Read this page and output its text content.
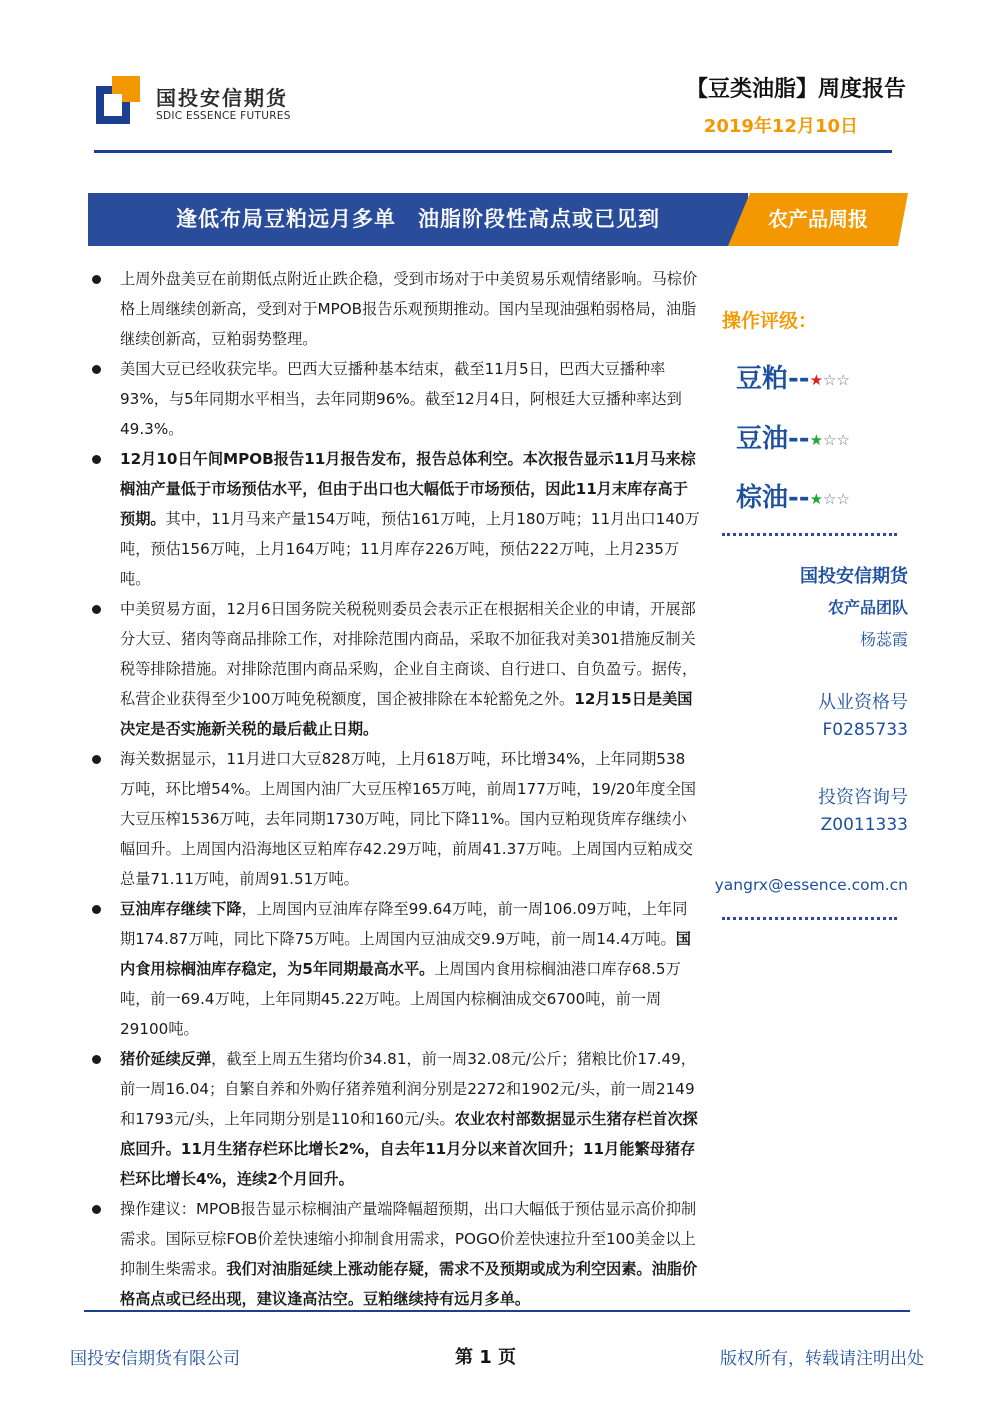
国投安信期货
SDIC ESSENCE FUTURES
【豆类油脂】周度报告
2019年12月10日
逢低布局豆粕远月多单　油脂阶段性高点或已见到	农产品周报
上周外盘美豆在前期低点附近止跌企稳，受到市场对于中美贸易乐观情绪影响。马棕价格上周继续创新高，受到对于MPOB报告乐观预期推动。国内呈现油强粕弱格局，油脂继续创新高，豆粕弱势整理。
美国大豆已经收获完毕。巴西大豆播种基本结束，截至11月5日，巴西大豆播种率93%，与5年同期水平相当，去年同期96%。截至12月4日，阿根廷大豆播种率达到49.3%。
12月10日午间MPOB报告11月报告发布，报告总体利空。本次报告显示11月马来棕榈油产量低于市场预估水平，但由于出口也大幅低于市场预估，因此11月末库存高于预期。其中，11月马来产量154万吨，预估161万吨，上月180万吨；11月出口140万吨，预估156万吨，上月164万吨；11月库存226万吨，预估222万吨，上月235万吨。
中美贸易方面，12月6日国务院关税税则委员会表示正在根据相关企业的申请，开展部分大豆、猪肉等商品排除工作，对排除范围内商品，采取不加征我对美301措施反制关税等排除措施。对排除范围内商品采购，企业自主商谈、自行进口、自负盈亏。据传，私营企业获得至少100万吨免税额度，国企被排除在本轮豁免之外。12月15日是美国决定是否实施新关税的最后截止日期。
海关数据显示，11月进口大豆828万吨，上月618万吨，环比增34%，上年同期538万吨，环比增54%。上周国内油厂大豆压榨165万吨，前周177万吨，19/20年度全国大豆压榨1536万吨，去年同期1730万吨，同比下降11%。国内豆粕现货库存继续小幅回升。上周国内沿海地区豆粕库存42.29万吨，前周41.37万吨。上周国内豆粕成交总量71.11万吨，前周91.51万吨。
豆油库存继续下降，上周国内豆油库存降至99.64万吨，前一周106.09万吨，上年同期174.87万吨，同比下降75万吨。上周国内豆油成交9.9万吨，前一周14.4万吨。国内食用棕榈油库存稳定，为5年同期最高水平。上周国内食用棕榈油港口库存68.5万吨，前一69.4万吨，上年同期45.22万吨。上周国内棕榈油成交6700吨，前一周29100吨。
猪价延续反弹，截至上周五生猪均价34.81，前一周32.08元/公斤；猪粮比价17.49，前一周16.04；自繁自养和外购仔猪养殖利润分别是2272和1902元/头，前一周2149和1793元/头，上年同期分别是110和160元/头。农业农村部数据显示生猪存栏首次探底回升。11月生猪存栏环比增长2%，自去年11月分以来首次回升；11月能繁母猪存栏环比增长4%，连续2个月回升。
操作建议：MPOB报告显示棕榈油产量端降幅超预期，出口大幅低于预估显示高价抑制需求。国际豆棕FOB价差快速缩小抑制食用需求，POGO价差快速拉升至100美金以上抑制生柴需求。我们对油脂延续上涨动能存疑，需求不及预期或成为利空因素。油脂价格高点或已经出现，建议逢高沽空。豆粕继续持有远月多单。
操作评级：
豆粕--★☆☆
豆油--★☆☆
棕油--★☆☆
国投安信期货
农产品团队
杨蕊霞
从业资格号
F0285733
投资咨询号
Z0011333
yangrx@essence.com.cn
国投安信期货有限公司	第 1 页	版权所有，转载请注明出处
